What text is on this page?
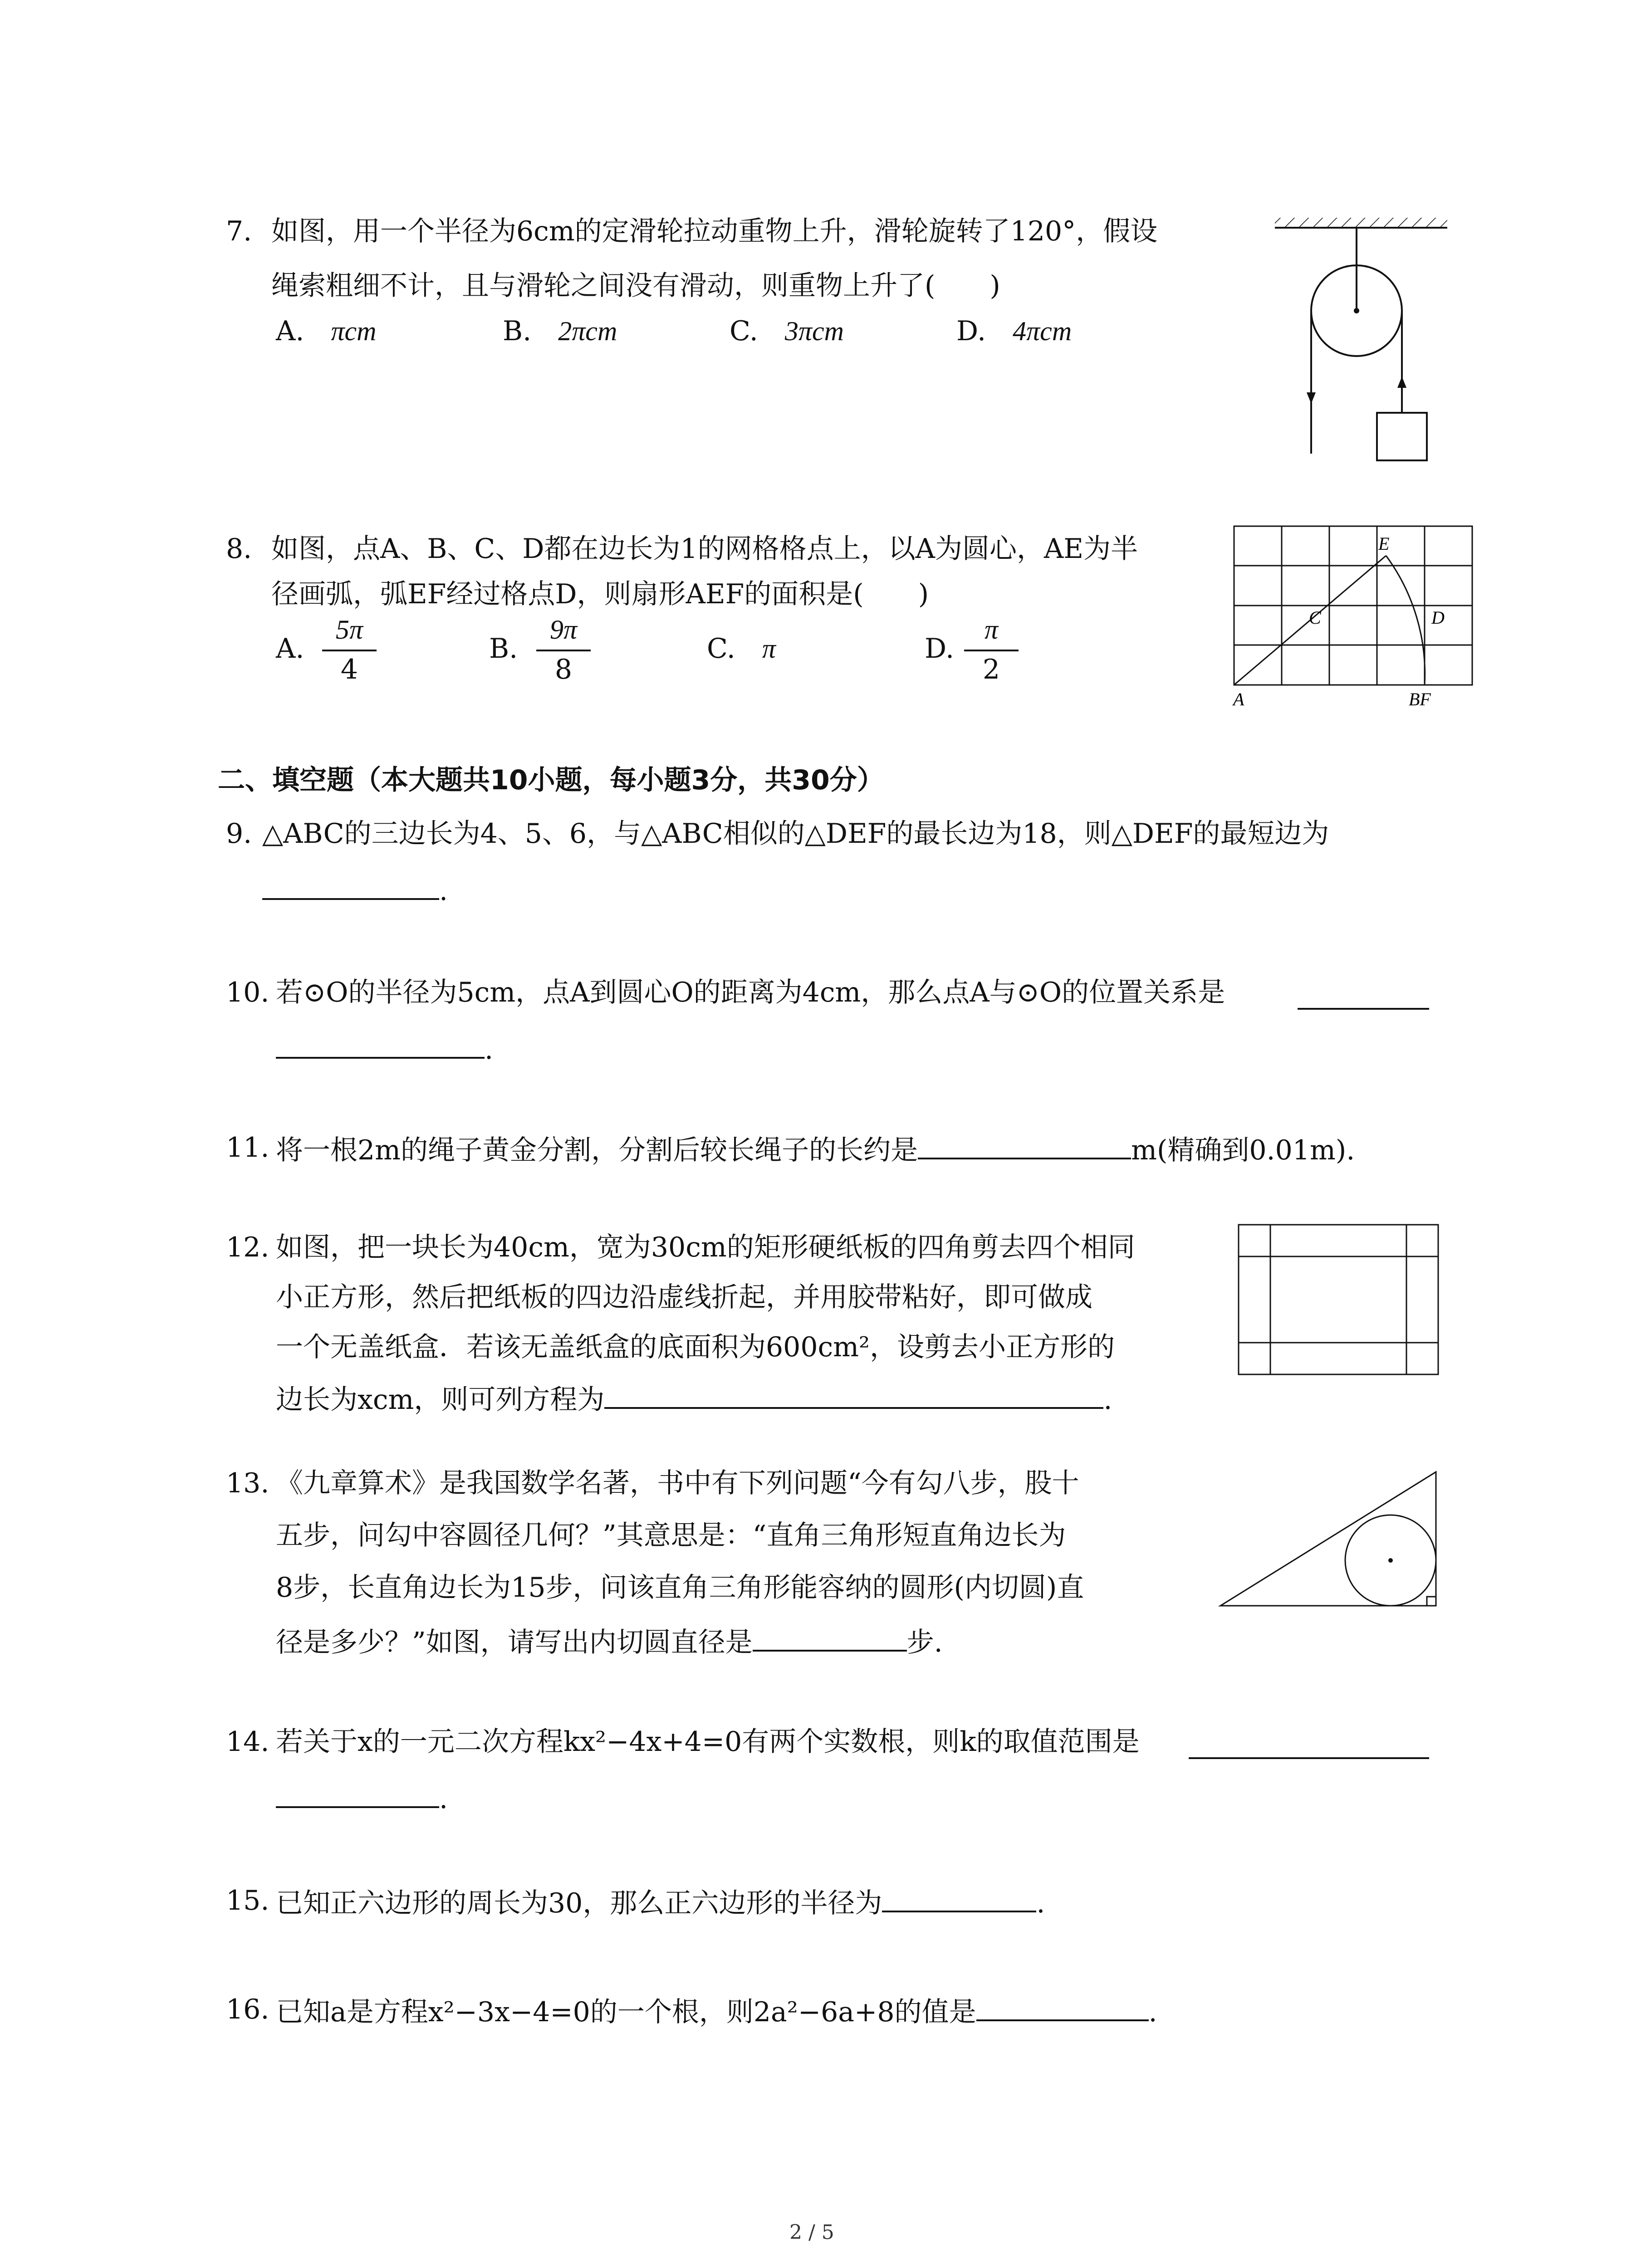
7. 如图，用一个半径为6cm的定滑轮拉动重物上升，滑轮旋转了120°，假设
绳索粗细不计，且与滑轮之间没有滑动，则重物上升了(　　)
A. πcm	B. 2πcm	C. 3πcm	D. 4πcm
8. 如图，点A、B、C、D都在边长为1的网格格点上，以A为圆心，AE为半
径画弧，弧EF经过格点D，则扇形AEF的面积是(　　)
A.
5π
4
B.
9π
8
C. π	D.
π
2
A	BF
C	D
E
二、填空题（本大题共10小题，每小题3分，共30分）
9. △ABC的三边长为4、5、6，与△ABC相似的△DEF的最长边为18，则△DEF的最短边为
.
10. 若⊙O的半径为5cm，点A到圆心O的距离为4cm，那么点A与⊙O的位置关系是
.
11. 将一根2m的绳子黄金分割，分割后较长绳子的长约是	m(精确到0.01m).
12. 如图，把一块长为40cm，宽为30cm的矩形硬纸板的四角剪去四个相同
小正方形，然后把纸板的四边沿虚线折起，并用胶带粘好，即可做成
一个无盖纸盒．若该无盖纸盒的底面积为600cm²，设剪去小正方形的
边长为xcm，则可列方程为	.
13. 《九章算术》是我国数学名著，书中有下列问题“今有勾八步，股十
五步，问勾中容圆径几何？”其意思是：“直角三角形短直角边长为
8步，长直角边长为15步，问该直角三角形能容纳的圆形(内切圆)直
径是多少？”如图，请写出内切圆直径是	步.
14. 若关于x的一元二次方程kx²−4x+4=0有两个实数根，则k的取值范围是
.
15. 已知正六边形的周长为30，那么正六边形的半径为	.
16. 已知a是方程x²−3x−4=0的一个根，则2a²−6a+8的值是	.
2 / 5
